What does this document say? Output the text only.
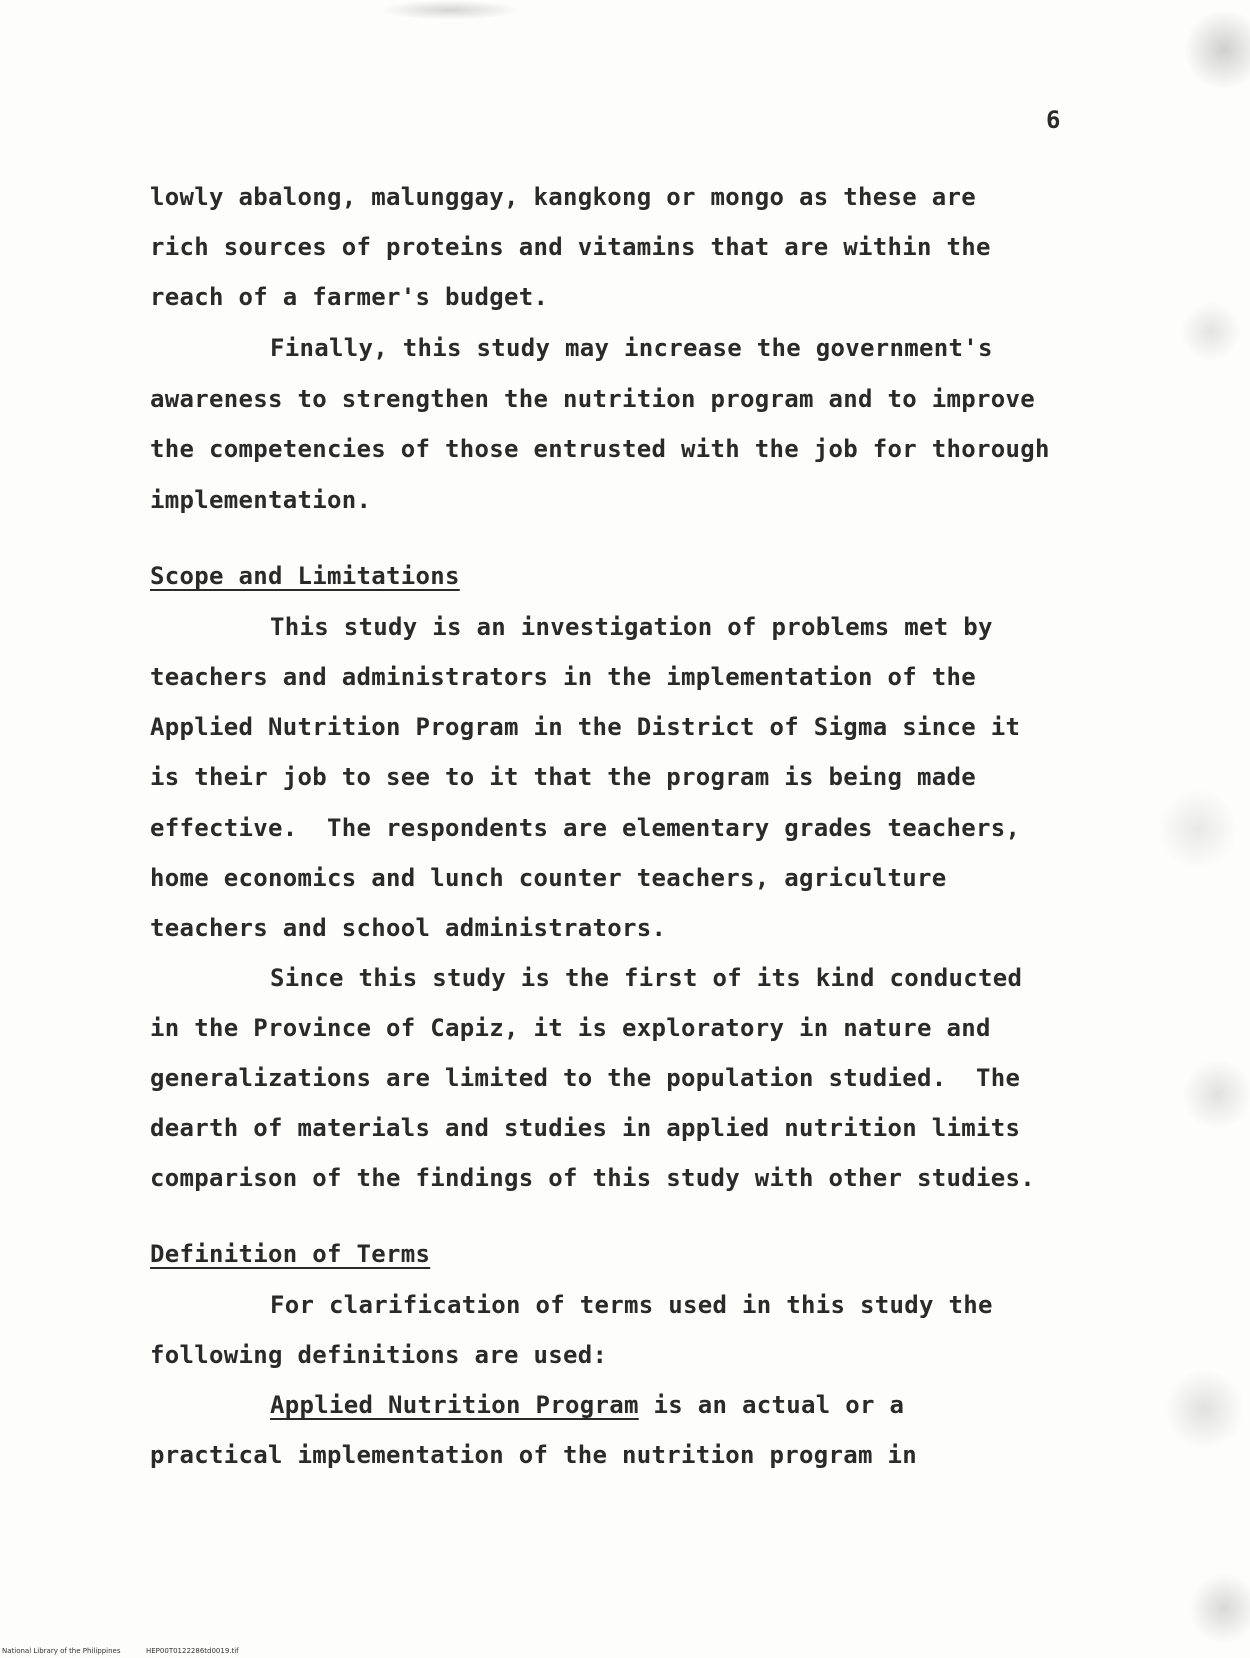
6
lowly abalong, malunggay, kangkong or mongo as these are
rich sources of proteins and vitamins that are within the
reach of a farmer's budget.
Finally, this study may increase the government's
awareness to strengthen the nutrition program and to improve
the competencies of those entrusted with the job for thorough
implementation.
Scope and Limitations
This study is an investigation of problems met by
teachers and administrators in the implementation of the
Applied Nutrition Program in the District of Sigma since it
is their job to see to it that the program is being made
effective.  The respondents are elementary grades teachers,
home economics and lunch counter teachers, agriculture
teachers and school administrators.
Since this study is the first of its kind conducted
in the Province of Capiz, it is exploratory in nature and
generalizations are limited to the population studied.  The
dearth of materials and studies in applied nutrition limits
comparison of the findings of this study with other studies.
Definition of Terms
For clarification of terms used in this study the
following definitions are used:
Applied Nutrition Program is an actual or a
practical implementation of the nutrition program in
National Library of the Philippines	HEP00T0122286td0019.tif
